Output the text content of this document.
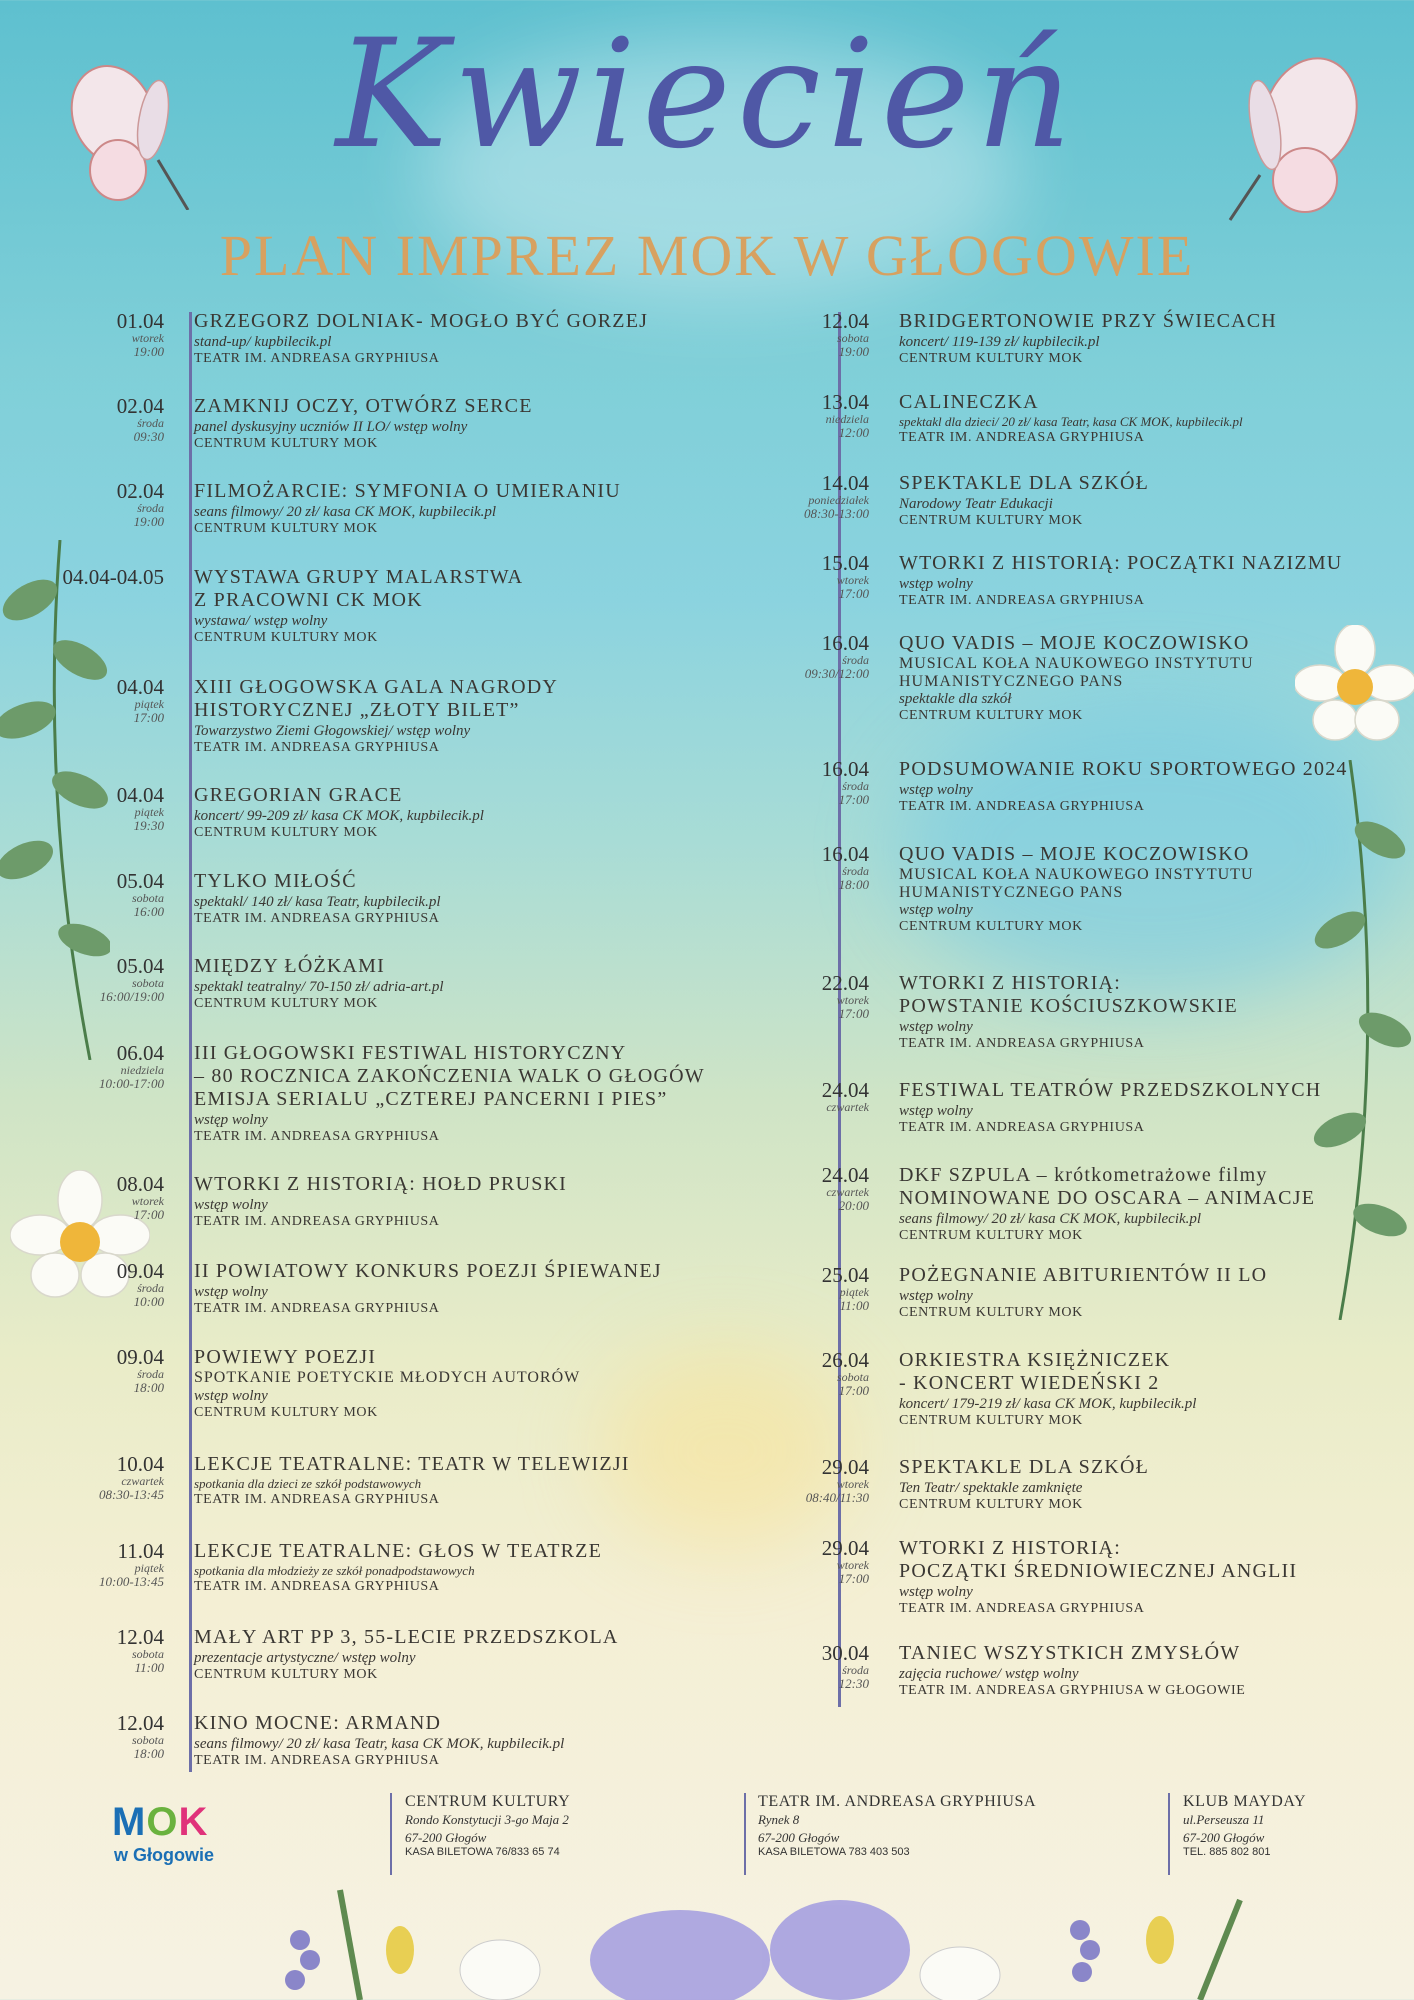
Kwiecień
PLAN IMPREZ MOK W GŁOGOWIE
01.04
wtorek
19:00
GRZEGORZ DOLNIAK- MOGŁO BYĆ GORZEJ
stand-up/ kupbilecik.pl
TEATR IM. ANDREASA GRYPHIUSA
02.04
środa
09:30
ZAMKNIJ OCZY, OTWÓRZ SERCE
panel dyskusyjny uczniów II LO/ wstęp wolny
CENTRUM KULTURY MOK
02.04
środa
19:00
FILMOŻARCIE: SYMFONIA O UMIERANIU
seans filmowy/ 20 zł/ kasa CK MOK, kupbilecik.pl
CENTRUM KULTURY MOK
04.04-04.05 WYSTAWA GRUPY MALARSTWA
Z PRACOWNI CK MOK
wystawa/ wstęp wolny
CENTRUM KULTURY MOK
04.04
piątek
17:00
XIII GŁOGOWSKA GALA NAGRODY
HISTORYCZNEJ „ZŁOTY BILET”
Towarzystwo Ziemi Głogowskiej/ wstęp wolny
TEATR IM. ANDREASA GRYPHIUSA
04.04
piątek
19:30
GREGORIAN GRACE
koncert/ 99-209 zł/ kasa CK MOK, kupbilecik.pl
CENTRUM KULTURY MOK
05.04
sobota
16:00
TYLKO MIŁOŚĆ
spektakl/ 140 zł/ kasa Teatr, kupbilecik.pl
TEATR IM. ANDREASA GRYPHIUSA
05.04
sobota
16:00/19:00
MIĘDZY ŁÓŻKAMI
spektakl teatralny/ 70-150 zł/ adria-art.pl
CENTRUM KULTURY MOK
06.04
niedziela
10:00-17:00
III GŁOGOWSKI FESTIWAL HISTORYCZNY
– 80 ROCZNICA ZAKOŃCZENIA WALK O GŁOGÓW
EMISJA SERIALU „CZTEREJ PANCERNI I PIES”
wstęp wolny
TEATR IM. ANDREASA GRYPHIUSA
08.04
wtorek
17:00
WTORKI Z HISTORIĄ: HOŁD PRUSKI
wstęp wolny
TEATR IM. ANDREASA GRYPHIUSA
09.04
środa
10:00
II POWIATOWY KONKURS POEZJI ŚPIEWANEJ
wstęp wolny
TEATR IM. ANDREASA GRYPHIUSA
09.04
środa
18:00
POWIEWY POEZJI
SPOTKANIE POETYCKIE MŁODYCH AUTORÓW
wstęp wolny
CENTRUM KULTURY MOK
10.04
czwartek
08:30-13:45
LEKCJE TEATRALNE: TEATR W TELEWIZJI
spotkania dla dzieci ze szkół podstawowych
TEATR IM. ANDREASA GRYPHIUSA
11.04
piątek
10:00-13:45
LEKCJE TEATRALNE: GŁOS W TEATRZE
spotkania dla młodzieży ze szkół ponadpodstawowych
TEATR IM. ANDREASA GRYPHIUSA
12.04
sobota
11:00
MAŁY ART PP 3, 55-LECIE PRZEDSZKOLA
prezentacje artystyczne/ wstęp wolny
CENTRUM KULTURY MOK
12.04
sobota
18:00
KINO MOCNE: ARMAND
seans filmowy/ 20 zł/ kasa Teatr, kasa CK MOK, kupbilecik.pl
TEATR IM. ANDREASA GRYPHIUSA
12.04
sobota
19:00
BRIDGERTONOWIE PRZY ŚWIECACH
koncert/ 119-139 zł/ kupbilecik.pl
CENTRUM KULTURY MOK
13.04
niedziela
12:00
CALINECZKA
spektakl dla dzieci/ 20 zł/ kasa Teatr, kasa CK MOK, kupbilecik.pl
TEATR IM. ANDREASA GRYPHIUSA
14.04
poniedziałek
08:30-13:00
SPEKTAKLE DLA SZKÓŁ
Narodowy Teatr Edukacji
CENTRUM KULTURY MOK
15.04
wtorek
17:00
WTORKI Z HISTORIĄ: POCZĄTKI NAZIZMU
wstęp wolny
TEATR IM. ANDREASA GRYPHIUSA
16.04
środa
09:30/12:00
QUO VADIS – MOJE KOCZOWISKO
MUSICAL KOŁA NAUKOWEGO INSTYTUTU
HUMANISTYCZNEGO PANS
spektakle dla szkół
CENTRUM KULTURY MOK
16.04
środa
17:00
PODSUMOWANIE ROKU SPORTOWEGO 2024
wstęp wolny
TEATR IM. ANDREASA GRYPHIUSA
16.04
środa
18:00
QUO VADIS – MOJE KOCZOWISKO
MUSICAL KOŁA NAUKOWEGO INSTYTUTU
HUMANISTYCZNEGO PANS
wstęp wolny
CENTRUM KULTURY MOK
22.04
wtorek
17:00
WTORKI Z HISTORIĄ:
POWSTANIE KOŚCIUSZKOWSKIE
wstęp wolny
TEATR IM. ANDREASA GRYPHIUSA
24.04
czwartek
FESTIWAL TEATRÓW PRZEDSZKOLNYCH
wstęp wolny
TEATR IM. ANDREASA GRYPHIUSA
24.04
czwartek
20:00
DKF SZPULA – krótkometrażowe filmy
NOMINOWANE DO OSCARA – ANIMACJE
seans filmowy/ 20 zł/ kasa CK MOK, kupbilecik.pl
CENTRUM KULTURY MOK
25.04
piątek
11:00
POŻEGNANIE ABITURIENTÓW II LO
wstęp wolny
CENTRUM KULTURY MOK
26.04
sobota
17:00
ORKIESTRA KSIĘŻNICZEK
- KONCERT WIEDEŃSKI 2
koncert/ 179-219 zł/ kasa CK MOK, kupbilecik.pl
CENTRUM KULTURY MOK
29.04
wtorek
08:40/11:30
SPEKTAKLE DLA SZKÓŁ
Ten Teatr/ spektakle zamknięte
CENTRUM KULTURY MOK
29.04
wtorek
17:00
WTORKI Z HISTORIĄ:
POCZĄTKI ŚREDNIOWIECZNEJ ANGLII
wstęp wolny
TEATR IM. ANDREASA GRYPHIUSA
30.04
środa
12:30
TANIEC WSZYSTKICH ZMYSŁÓW
zajęcia ruchowe/ wstęp wolny
TEATR IM. ANDREASA GRYPHIUSA W GŁOGOWIE
MOK
w Głogowie
CENTRUM KULTURY
Rondo Konstytucji 3-go Maja 2
67-200 Głogów
KASA BILETOWA 76/833 65 74
TEATR IM. ANDREASA GRYPHIUSA
Rynek 8
67-200 Głogów
KASA BILETOWA 783 403 503
KLUB MAYDAY
ul.Perseusza 11
67-200 Głogów
TEL. 885 802 801
